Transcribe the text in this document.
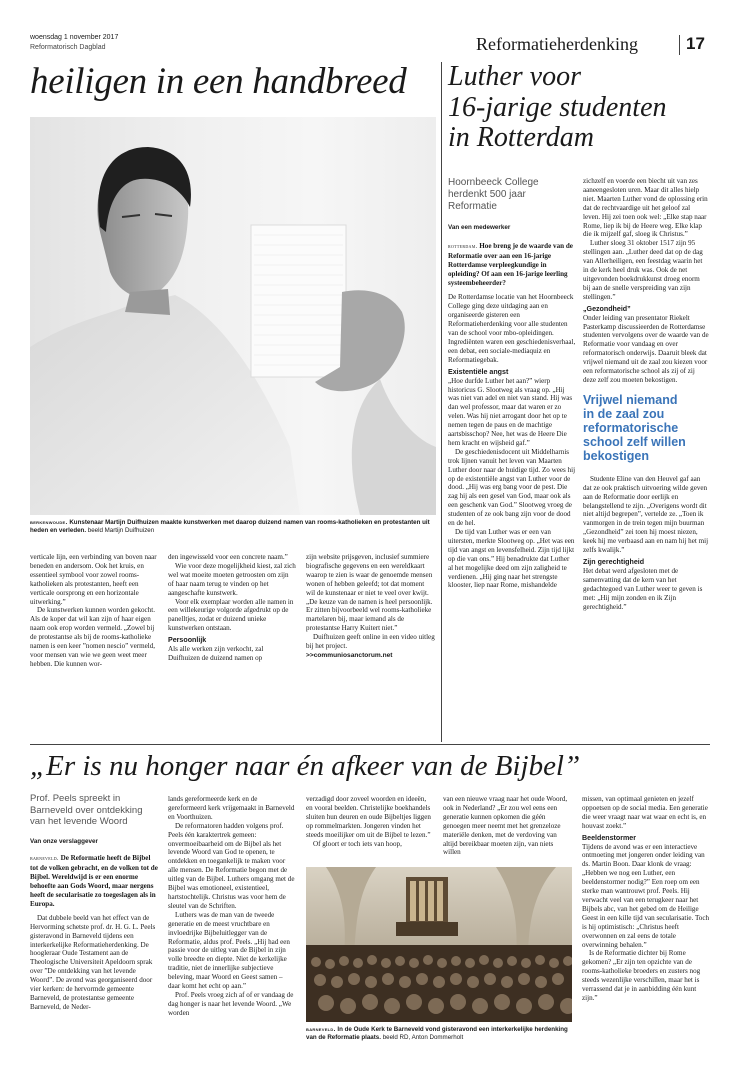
woensdag 1 november 2017
Reformatorisch Dagblad	Reformatieherdenking	17
heiligen in een handbreed
berkenwoude. Kunstenaar Martijn Duifhuizen maakte kunstwerken met daarop duizend namen van rooms-katholieken en protestanten uit heden en verleden. beeld Martijn Duifhuizen

verticale lijn, een verbinding van boven naar beneden en andersom. Ook het kruis, en essentieel symbool voor zowel rooms-katholieken als protestanten, heeft een verticale oorsprong en een horizontale uitwerking.”

De kunstwerken kunnen worden gekocht. Als de koper dat wil kan zijn of haar eigen naam ook erop worden vermeld. „Zowel bij de protestantse als bij de rooms-katholieke namen is een keer ”nomen nescio” vermeld, voor mensen van wie we geen weet meer hebben. Die kunnen wor-

den ingewisseld voor een concrete naam.”

Wie voor deze mogelijkheid kiest, zal zich wel wat moeite moeten getroosten om zijn of haar naam terug te vinden op het aangeschafte kunstwerk.

Voor elk exemplaar worden alle namen in een willekeurige volgorde afgedrukt op de panelltjes, zodat er duizend unieke kunstwerken ontstaan.

Persoonlijk

Als alle werken zijn verkocht, zal Duifhuizen de duizend namen op

zijn website prijsgeven, inclusief summiere biografische gegevens en een wereldkaart waarop te zien is waar de genoemde mensen wonen of hebben geleefd; tot dat moment wil de kunstenaar er niet te veel over kwijt. „De keuze van de namen is heel persoonlijk. Er zitten bijvoorbeeld wel rooms-katholieke martelaren bij, maar iemand als de protestantse Harry Kuitert niet.”

Duifhuizen geeft online in een video uitleg bij het project.

>>communiosanctorum.net
Luther voor
16-jarige studenten
in Rotterdam
Hoornbeeck College
herdenkt 500 jaar
Reformatie
Van een medewerker

rotterdam. Hoe breng je de waarde van de Reformatie over aan een 16-jarige Rotterdamse verpleegkundige in opleiding? Of aan een 16-jarige leerling systeembeheerder?

De Rotterdamse locatie van het Hoornbeeck College ging deze uitdaging aan en organiseerde gisteren een Reformatieherdenking voor alle studenten van de school voor mbo-opleidingen. Ingrediënten waren een geschiedenisverhaal, een debat, een sociale-mediaquiz en Reformatiegebak.

Existentiële angst

„Hoe durfde Luther het aan?” wierp historicus G. Slootweg als vraag op. „Hij was niet van adel en niet van stand. Hij was dan wel professor, maar dat waren er zo velen. Was hij niet arrogant door het op te nemen tegen de paus en de machtige aartsbisschop? Nee, het was de Heere Die hem kracht en wijsheid gaf.”

De geschiedenisdocent uit Middelharnis trok lijnen vanuit het leven van Maarten Luther door naar de huidige tijd. Zo wees hij op de existentiële angst van Luther voor de dood. „Hij was erg bang voor de pest. Die zag hij als een gesel van God, maar ook als een geschenk van God.” Slootweg vroeg de studenten of ze ook bang zijn voor de dood en de hel.

De tijd van Luther was er een van uitersten, merkte Slootweg op. „Het was een tijd van angst en levensfelheid. Zijn tijd lijkt op die van ons.” Hij benadrukte dat Luther al het mogelijke deed om zijn zaligheid te verdienen. „Hij ging naar het strengste klooster, liep naar Rome, mishandelde

zichzelf en voerde een biecht uit van zes aaneengesloten uren. Maar dit alles hielp niet. Maarten Luther vond de oplossing erin dat de rechtvaardige uit het geloof zal leven. Hij zei toen ook wel: „Elke stap naar Rome, liep ik bij de Heere weg. Elke klap die ik mijzelf gaf, sloeg ik Christus.”

Luther sloeg 31 oktober 1517 zijn 95 stellingen aan. „Luther deed dat op de dag van Allerheiligen, een feestdag waarin het in de kerk heel druk was. Ook de net uitgevonden boekdrukkunst droeg enorm bij aan de snelle verspreiding van zijn stellingen.”

„Gezondheid”

Onder leiding van presentator Riekelt Pasterkamp discussieerden de Rotterdamse studenten vervolgens over de waarde van de Reformatie voor vandaag en over reformatorisch onderwijs. Daaruit bleek dat vrijwel niemand uit de zaal zou kiezen voor een reformatorische school als zij of zij deze zelf zou moeten bekostigen.

Vrijwel niemand
in de zaal zou
reformatorische
school zelf willen
bekostigen

Studente Eline van den Heuvel gaf aan dat ze ook praktisch uitvoering wilde geven aan de Reformatie door eerlijk en belangstellend te zijn. „Overigens wordt dit niet altijd begrepen”, vertelde ze. „Toen ik vanmorgen in de trein tegen mijn buurman „Gezondheid” zei toen hij moest niezen, keek hij me verbaasd aan en nam hij het mij zelfs kwalijk.”

Zijn gerechtigheid

Het debat werd afgesloten met de samenvatting dat de kern van het gedachtegoed van Luther weer te geven is met: „Hij mijn zonden en ik Zijn gerechtigheid.”

„Er is nu honger naar én afkeer van de Bijbel”
Prof. Peels spreekt in
Barneveld over ontdekking
van het levende Woord
Van onze verslaggever

barneveld. De Reformatie heeft de Bijbel tot de volken gebracht, en de volken tot de Bijbel. Wereldwijd is er een enorme behoefte aan Gods Woord, maar nergens heeft de secularisatie zo toegeslagen als in Europa.

Dat dubbele beeld van het effect van de Hervorming schetste prof. dr. H. G. L. Peels gisteravond in Barneveld tijdens een interkerkelijke Reformatieherdenking. De hoogleraar Oude Testament aan de Theologische Universiteit Apeldoorn sprak over ”De ontdekking van het levende Woord”. De avond was georganiseerd door vier kerken: de hervormde gemeente Barneveld, de protestantse gemeente Barneveld, de Neder-

lands gereformeerde kerk en de gereformeerd kerk vrijgemaakt in Barneveld en Voorthuizen.

De reformatoren hadden volgens prof. Peels één karaktertrek gemeen: onvermoeibaarheid om de Bijbel als het levende Woord van God te openen, te ontdekken en toegankelijk te maken voor alle mensen. De Reformatie begon met de uitleg van de Bijbel. Luthers omgang met de Bijbel was emotioneel, existentieel, hartstochtelijk. Christus was voor hem de sleutel van de Schriften.

Luthers was de man van de tweede generatie en de meest vruchtbare en invloedrijke Bijbeluitlegger van de Reformatie, aldus prof. Peels. „Hij had een passie voor de uitleg van de Bijbel in zijn volle breedte en diepte. Niet de kerkelijke traditie, niet de innerlijke subjectieve beleving, maar Woord en Geest samen – daar komt het echt op aan.”

Prof. Peels vroeg zich af of er vandaag de dag honger is naar het levende Woord. „We worden

verzadigd door zoveel woorden en ideeën, en vooral beelden. Christelijke boekhandels sluiten hun deuren en oude Bijbeltjes liggen op rommelmarkten. Jongeren vinden het steeds moeilijker om uit de Bijbel te lezen.”

Of gloort er toch iets van hoop,

van een nieuwe vraag naar het oude Woord, ook in Nederland? „Er zou wel eens een generatie kunnen opkomen die géén genoegen meer neemt met het grenzeloze materiële denken, met de verdoving van altijd bereikbaar moeten zijn, van niets willen

barneveld. In de Oude Kerk te Barneveld vond gisteravond een interkerkelijke herdenking van de Reformatie plaats. beeld RD, Anton Dommerholt

missen, van optimaal genieten en jezelf oppoetsen op de social media. Een generatie die weer vraagt naar wat waar en echt is, en houvast zoekt.”

Beeldenstormer

Tijdens de avond was er een interactieve ontmoeting met jongeren onder leiding van ds. Martin Boon. Daar klonk de vraag: „Hebben we nog een Luther, een beeldenstormer nodig?” Een roep om een sterke man wantrouwt prof. Peels. Hij verwacht veel van een terugkeer naar het Bijbels abc, van het gebed om de Heilige Geest in een kille tijd van secularisatie. Toch is hij optimistisch: „Christus heeft overwonnen en zal eens de totale overwinning behalen.”

Is de Reformatie dichter bij Rome gekomen? „Er zijn ten opzichte van de rooms-katholieke broeders en zusters nog steeds wezenlijke verschillen, maar het is verrassend dat je in aanbidding één kunt zijn.”
